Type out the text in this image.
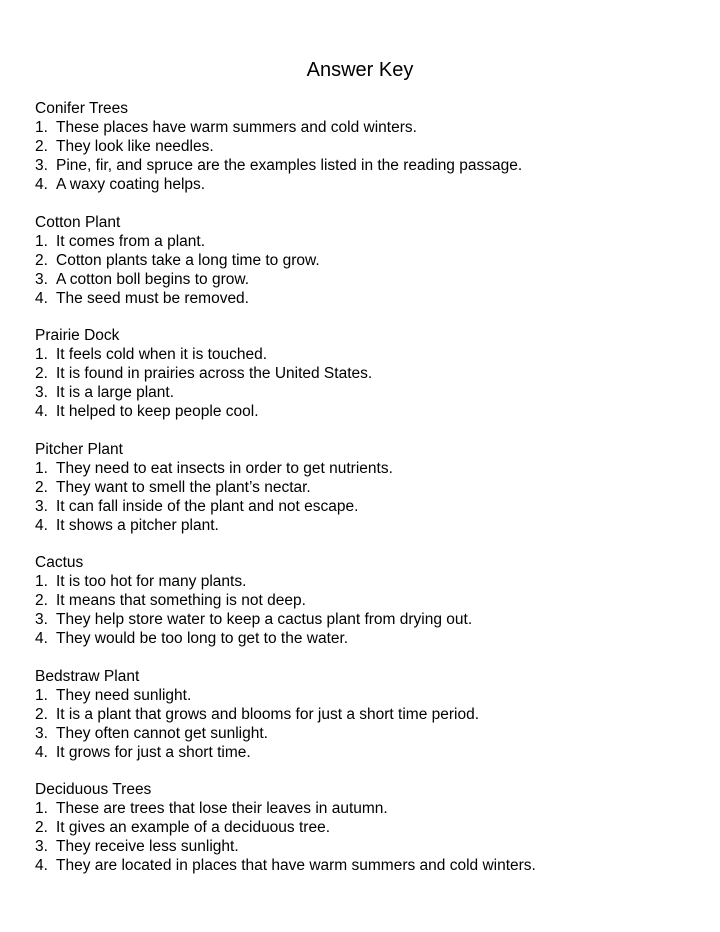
Answer Key
Conifer Trees
1. These places have warm summers and cold winters.
2. They look like needles.
3. Pine, fir, and spruce are the examples listed in the reading passage.
4. A waxy coating helps.
Cotton Plant
1. It comes from a plant.
2. Cotton plants take a long time to grow.
3. A cotton boll begins to grow.
4. The seed must be removed.
Prairie Dock
1. It feels cold when it is touched.
2. It is found in prairies across the United States.
3. It is a large plant.
4. It helped to keep people cool.
Pitcher Plant
1. They need to eat insects in order to get nutrients.
2. They want to smell the plant’s nectar.
3. It can fall inside of the plant and not escape.
4. It shows a pitcher plant.
Cactus
1. It is too hot for many plants.
2. It means that something is not deep.
3. They help store water to keep a cactus plant from drying out.
4. They would be too long to get to the water.
Bedstraw Plant
1. They need sunlight.
2. It is a plant that grows and blooms for just a short time period.
3. They often cannot get sunlight.
4. It grows for just a short time.
Deciduous Trees
1. These are trees that lose their leaves in autumn.
2. It gives an example of a deciduous tree.
3. They receive less sunlight.
4. They are located in places that have warm summers and cold winters.
